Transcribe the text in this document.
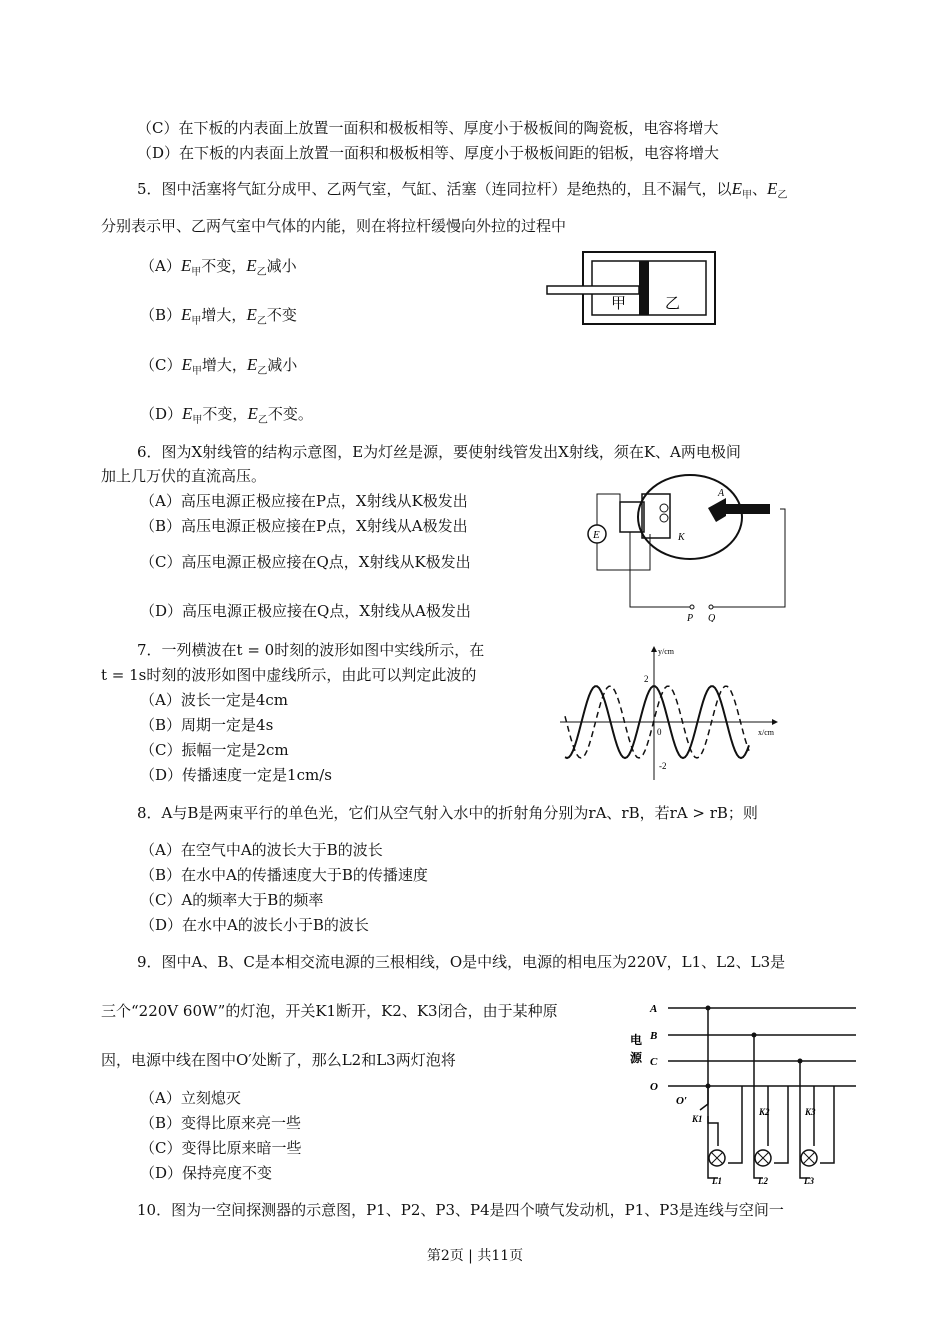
（C）在下板的内表面上放置一面积和极板相等、厚度小于极板间的陶瓷板，电容将增大
（D）在下板的内表面上放置一面积和极板相等、厚度小于极板间距的铝板，电容将增大
5．图中活塞将气缸分成甲、乙两气室，气缸、活塞（连同拉杆）是绝热的，且不漏气，以$E_甲$、$E_乙$
分别表示甲、乙两气室中气体的内能，则在将拉杆缓慢向外拉的过程中
$(A)E_甲$不变，$E_乙$减小
$(B)E_甲$增大，$E_乙$不变
$(C)E_甲$增大，$E_乙$减小
$(D)E_甲$不变，$E_乙$不变。
甲	乙
6．图为X射线管的结构示意图，E为灯丝是源，要使射线管发出X射线，须在K、A两电极间
加上几万伏的直流高压。
（A）高压电源正极应接在P点，X射线从K极发出
（B）高压电源正极应接在P点，X射线从A极发出
（C）高压电源正极应接在Q点，X射线从K极发出
（D）高压电源正极应接在Q点，X射线从A极发出
A
K
E
P Q
7．一列横波在t = 0时刻的波形如图中实线所示，在
t = 1s时刻的波形如图中虚线所示，由此可以判定此波的
（A）波长一定是4cm
（B）周期一定是4s
（C）振幅一定是2cm
（D）传播速度一定是1cm/s
y/cm
x/cm
2
-2
0
8．A与B是两束平行的单色光，它们从空气射入水中的折射角分别为rA、rB，若rA > rB；则
（A）在空气中A的波长大于B的波长
（B）在水中A的传播速度大于B的传播速度
（C）A的频率大于B的频率
（D）在水中A的波长小于B的波长
9．图中A、B、C是本相交流电源的三根相线，O是中线，电源的相电压为220V，L1、L2、L3是
三个“220V 60W”的灯泡，开关K1断开，K2、K3闭合，由于某种原
因，电源中线在图中O′处断了，那么L2和L3两灯泡将
（A）立刻熄灭
（B）变得比原来亮一些
（C）变得比原来暗一些
（D）保持亮度不变
A
B
C
O
电
源
O′
K1
K2	K3
L1	L2	L3
10．图为一空间探测器的示意图，P1、P2、P3、P4是四个喷气发动机，P1、P3是连线与空间一
第2页 | 共11页
